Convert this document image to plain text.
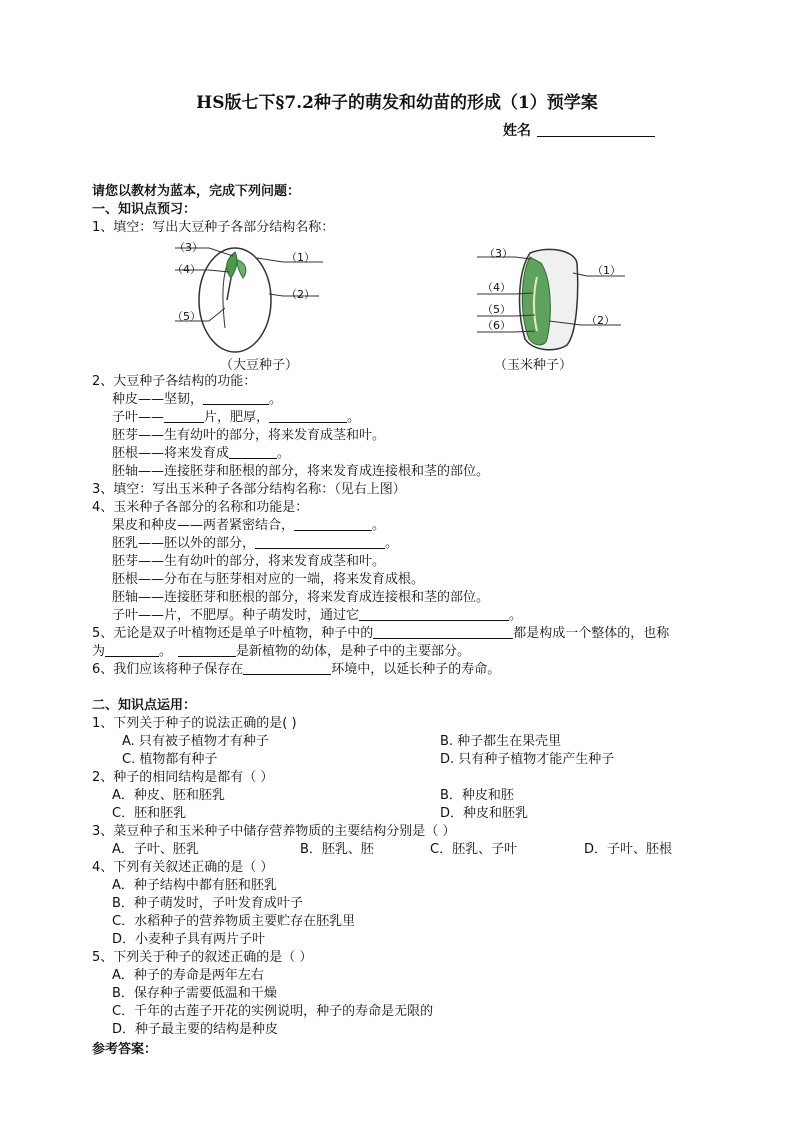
HS版七下§7.2种子的萌发和幼苗的形成（1）预学案
姓名
请您以教材为蓝本，完成下列问题：
一、知识点预习：
1、填空：写出大豆种子各部分结构名称：
（3）
（4）
（5）
（1）
（2）
（大豆种子）
（3）
（4）
（5）
（6）
（1）
（2）
（玉米种子）
2、大豆种子各结构的功能：
种皮——坚韧，	。
子叶——	片，肥厚，	。
胚芽——生有幼叶的部分，将来发育成茎和叶。
胚根——将来发育成	。
胚轴——连接胚芽和胚根的部分，将来发育成连接根和茎的部位。
3、填空：写出玉米种子各部分结构名称：（见右上图）
4、玉米种子各部分的名称和功能是：
果皮和种皮——两者紧密结合，	。
胚乳——胚以外的部分，	。
胚芽——生有幼叶的部分，将来发育成茎和叶。
胚根——分布在与胚芽相对应的一端，将来发育成根。
胚轴——连接胚芽和胚根的部分，将来发育成连接根和茎的部位。
子叶——片，不肥厚。种子萌发时，通过它	。
5、无论是双子叶植物还是单子叶植物，种子中的	都是构成一个整体的，也称
为	。	是新植物的幼体，是种子中的主要部分。
6、我们应该将种子保存在	环境中，以延长种子的寿命。
二、知识点运用：
1、下列关于种子的说法正确的是( )
A. 只有被子植物才有种子	B. 种子都生在果壳里
C. 植物都有种子	D. 只有种子植物才能产生种子
2、种子的相同结构是都有（ ）
A．种皮、胚和胚乳	B．种皮和胚
C．胚和胚乳	D．种皮和胚乳
3、菜豆种子和玉米种子中储存营养物质的主要结构分别是（ ）
A．子叶、胚乳	B．胚乳、胚	C．胚乳、子叶	D．子叶、胚根
4、下列有关叙述正确的是（ ）
A．种子结构中都有胚和胚乳
B．种子萌发时，子叶发育成叶子
C．水稻种子的营养物质主要贮存在胚乳里
D．小麦种子具有两片子叶
5、下列关于种子的叙述正确的是（ ）
A．种子的寿命是两年左右
B．保存种子需要低温和干燥
C．千年的古莲子开花的实例说明，种子的寿命是无限的
D．种子最主要的结构是种皮
参考答案：
